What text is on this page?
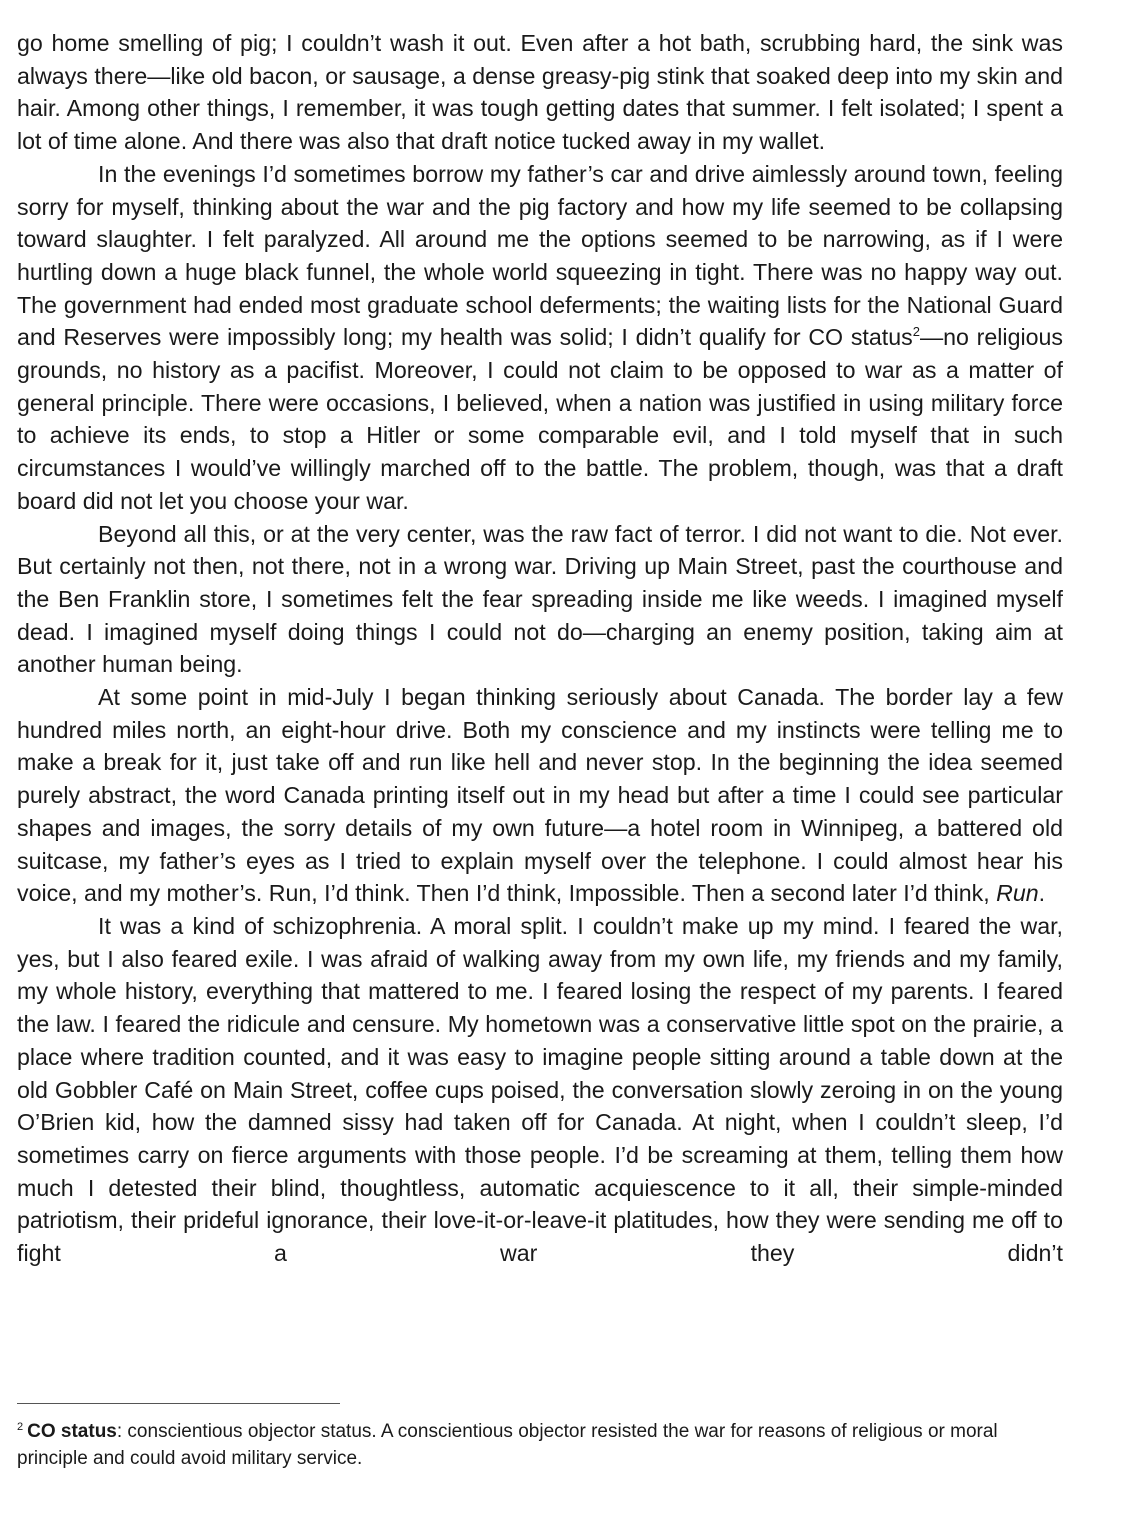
go home smelling of pig; I couldn’t wash it out. Even after a hot bath, scrubbing hard, the sink was always there—like old bacon, or sausage, a dense greasy-pig stink that soaked deep into my skin and hair. Among other things, I remember, it was tough getting dates that summer. I felt isolated; I spent a lot of time alone. And there was also that draft notice tucked away in my wallet.

In the evenings I’d sometimes borrow my father’s car and drive aimlessly around town, feeling sorry for myself, thinking about the war and the pig factory and how my life seemed to be collapsing toward slaughter. I felt paralyzed. All around me the options seemed to be narrowing, as if I were hurtling down a huge black funnel, the whole world squeezing in tight. There was no happy way out. The government had ended most graduate school deferments; the waiting lists for the National Guard and Reserves were impossibly long; my health was solid; I didn’t qualify for CO status$^2$—no religious grounds, no history as a pacifist. Moreover, I could not claim to be opposed to war as a matter of general principle. There were occasions, I believed, when a nation was justified in using military force to achieve its ends, to stop a Hitler or some comparable evil, and I told myself that in such circumstances I would’ve willingly marched off to the battle. The problem, though, was that a draft board did not let you choose your war.

Beyond all this, or at the very center, was the raw fact of terror. I did not want to die. Not ever. But certainly not then, not there, not in a wrong war. Driving up Main Street, past the courthouse and the Ben Franklin store, I sometimes felt the fear spreading inside me like weeds. I imagined myself dead. I imagined myself doing things I could not do—charging an enemy position, taking aim at another human being.

At some point in mid-July I began thinking seriously about Canada. The border lay a few hundred miles north, an eight-hour drive. Both my conscience and my instincts were telling me to make a break for it, just take off and run like hell and never stop. In the beginning the idea seemed purely abstract, the word Canada printing itself out in my head but after a time I could see particular shapes and images, the sorry details of my own future—a hotel room in Winnipeg, a battered old suitcase, my father’s eyes as I tried to explain myself over the telephone. I could almost hear his voice, and my mother’s. Run, I’d think. Then I’d think, Impossible. Then a second later I’d think, Run.

It was a kind of schizophrenia. A moral split. I couldn’t make up my mind. I feared the war, yes, but I also feared exile. I was afraid of walking away from my own life, my friends and my family, my whole history, everything that mattered to me. I feared losing the respect of my parents. I feared the law. I feared the ridicule and censure. My hometown was a conservative little spot on the prairie, a place where tradition counted, and it was easy to imagine people sitting around a table down at the old Gobbler Café on Main Street, coffee cups poised, the conversation slowly zeroing in on the young O’Brien kid, how the damned sissy had taken off for Canada. At night, when I couldn’t sleep, I’d sometimes carry on fierce arguments with those people. I’d be screaming at them, telling them how much I detested their blind, thoughtless, automatic acquiescence to it all, their simple-minded patriotism, their prideful ignorance, their love-it-or-leave-it platitudes, how they were sending me off to fight a war they didn’t

$^2$ CO status: conscientious objector status. A conscientious objector resisted the war for reasons of religious or moral principle and could avoid military service.
